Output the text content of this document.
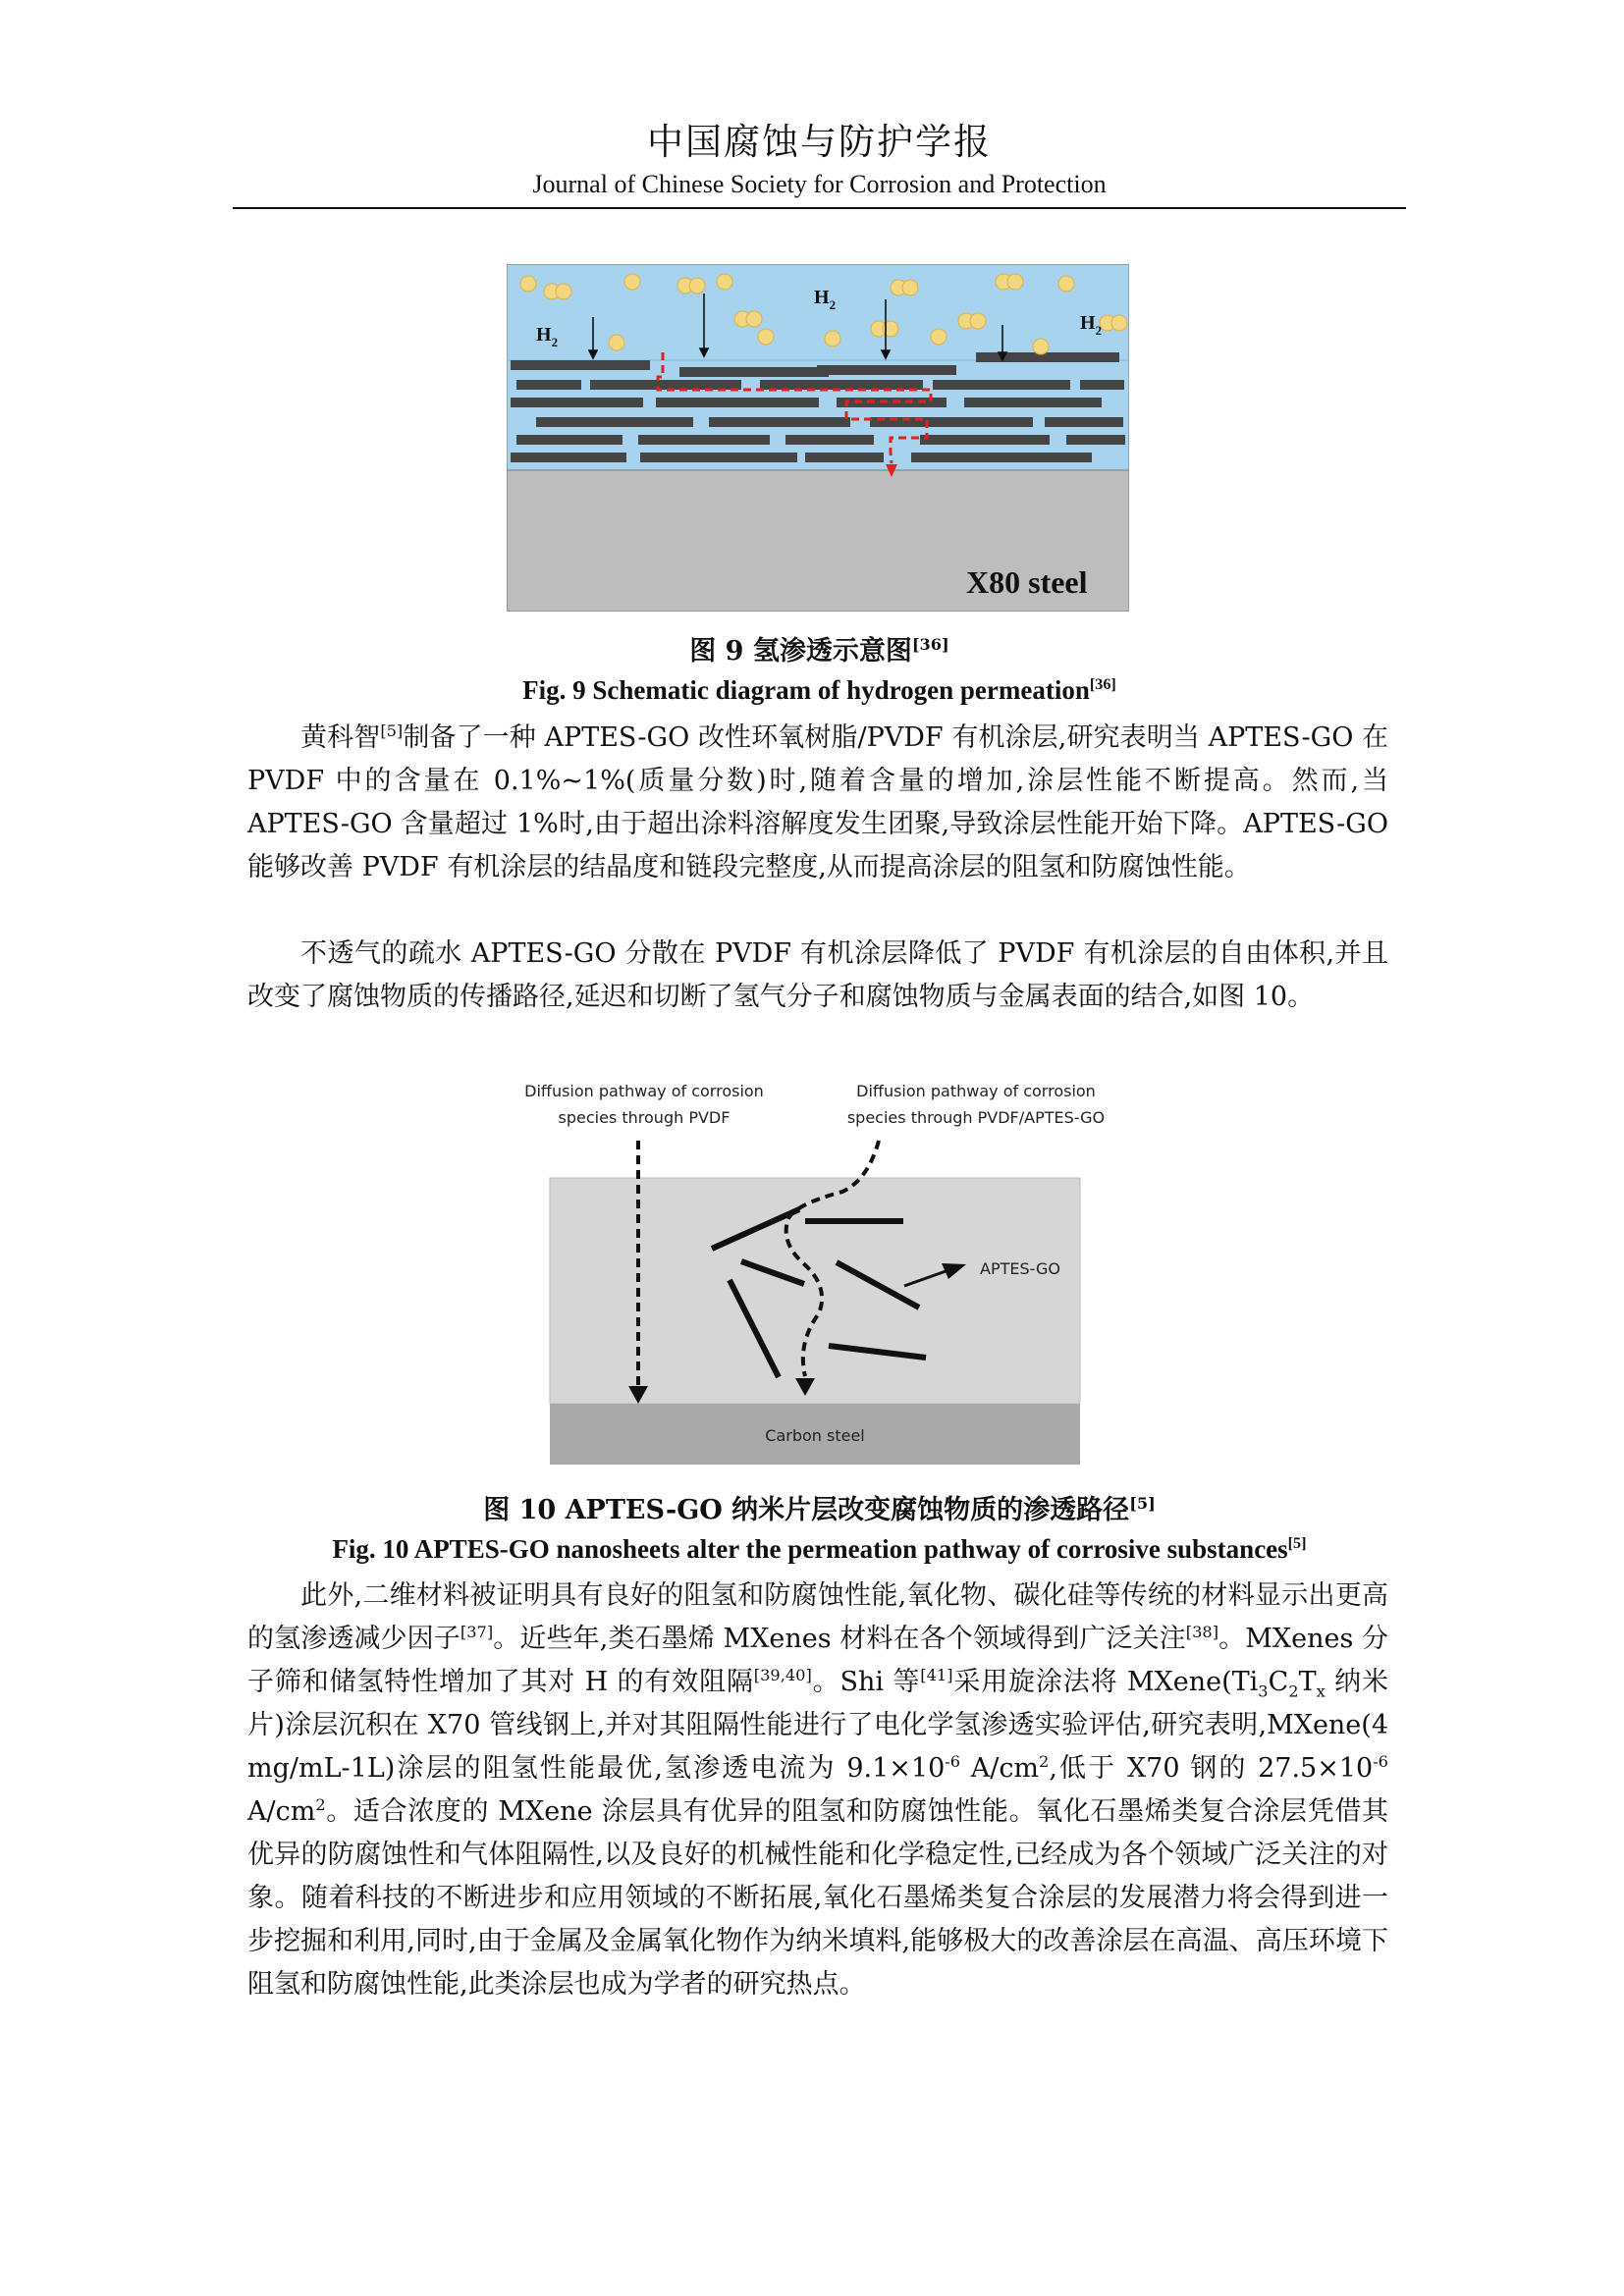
中国腐蚀与防护学报
Journal of Chinese Society for Corrosion and Protection
$H_2$
$H_2$
$H_2$
X80 steel
图 9 氢渗透示意图[36]
Fig. 9 Schematic diagram of hydrogen permeation[36]

黄科智[5]制备了一种 APTES-GO 改性环氧树脂/PVDF 有机涂层,研究表明当 APTES-GO 在 PVDF 中的含量在 0.1%~1%(质量分数)时,随着含量的增加,涂层性能不断提高。然而,当 APTES-GO 含量超过 1%时,由于超出涂料溶解度发生团聚,导致涂层性能开始下降。APTES-GO 能够改善 PVDF 有机涂层的结晶度和链段完整度,从而提高涂层的阻氢和防腐蚀性能。

不透气的疏水 APTES-GO 分散在 PVDF 有机涂层降低了 PVDF 有机涂层的自由体积,并且改变了腐蚀物质的传播路径,延迟和切断了氢气分子和腐蚀物质与金属表面的结合,如图 10。

Diffusion pathway of corrosion
species through PVDF
Diffusion pathway of corrosion
species through PVDF/APTES-GO
Carbon steel
APTES-GO
图 10 APTES-GO 纳米片层改变腐蚀物质的渗透路径[5]
Fig. 10 APTES-GO nanosheets alter the permeation pathway of corrosive substances[5]

此外,二维材料被证明具有良好的阻氢和防腐蚀性能,氧化物、碳化硅等传统的材料显示出更高的氢渗透减少因子[37]。近些年,类石墨烯 MXenes 材料在各个领域得到广泛关注[38]。MXenes 分子筛和储氢特性增加了其对 H 的有效阻隔[39,40]。Shi 等[41]采用旋涂法将 $MXene(Ti_3C_2T_x$ 纳米片)涂层沉积在 X70 管线钢上,并对其阻隔性能进行了电化学氢渗透实验评估,研究表明,MXene(4 mg/mL-1L)涂层的阻氢性能最优,氢渗透电流为 $9.1\times 10^{-6}$ $A/cm^2$,低于 X70 钢的 $27.5\times 10^{-6}$ $A/cm^2$。适合浓度的 MXene 涂层具有优异的阻氢和防腐蚀性能。氧化石墨烯类复合涂层凭借其优异的防腐蚀性和气体阻隔性,以及良好的机械性能和化学稳定性,已经成为各个领域广泛关注的对象。随着科技的不断进步和应用领域的不断拓展,氧化石墨烯类复合涂层的发展潜力将会得到进一步挖掘和利用,同时,由于金属及金属氧化物作为纳米填料,能够极大的改善涂层在高温、高压环境下阻氢和防腐蚀性能,此类涂层也成为学者的研究热点。
